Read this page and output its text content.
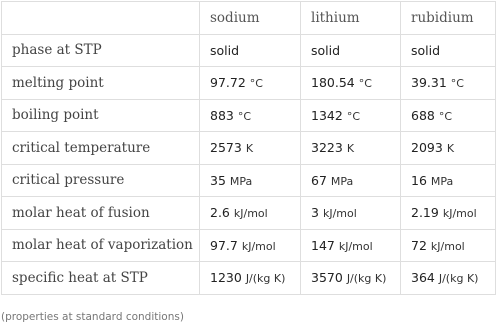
	sodium	lithium	rubidium
phase at STP	solid	solid	solid
melting point	97.72 °C	180.54 °C	39.31 °C
boiling point	883 °C	1342 °C	688 °C
critical temperature	2573 K	3223 K	2093 K
critical pressure	35 MPa	67 MPa	16 MPa
molar heat of fusion	2.6 kJ/mol	3 kJ/mol	2.19 kJ/mol
molar heat of vaporization	97.7 kJ/mol	147 kJ/mol	72 kJ/mol
specific heat at STP	1230 J/(kg K)	3570 J/(kg K)	364 J/(kg K)
(properties at standard conditions)
